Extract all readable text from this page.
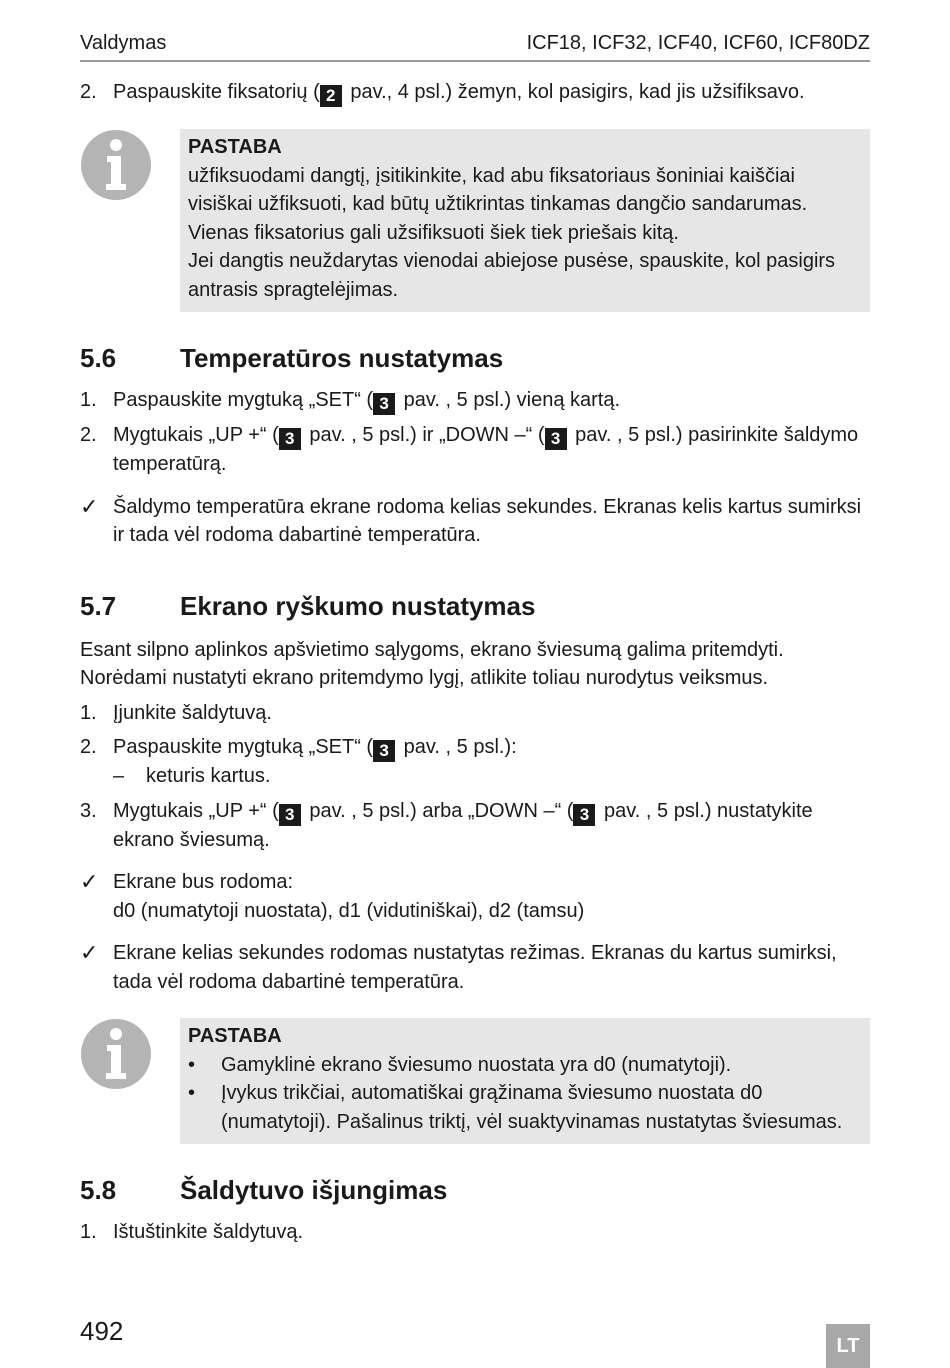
Valdymas	ICF18, ICF32, ICF40, ICF60, ICF80DZ
2. Paspauskite fiksatorių ( 2 pav., 4 psl.) žemyn, kol pasigirs, kad jis užsifiksavo.
PASTABA
užfiksuodami dangtį, įsitikinkite, kad abu fiksatoriaus šoniniai kaiščiai visiškai užfiksuoti, kad būtų užtikrintas tinkamas dangčio sandarumas. Vienas fiksatorius gali užsifiksuoti šiek tiek priešais kitą.
Jei dangtis neuždarytas vienodai abiejose pusėse, spauskite, kol pasigirs antrasis spragtelėjimas.
5.6	Temperatūros nustatymas
1. Paspauskite mygtuką „SET“ ( 3 pav. , 5 psl.) vieną kartą.
2. Mygtukais „UP +“ ( 3 pav. , 5 psl.) ir „DOWN –“ ( 3 pav. , 5 psl.) pasirinkite šaldymo temperatūrą.
✓ Šaldymo temperatūra ekrane rodoma kelias sekundes. Ekranas kelis kartus sumirksi ir tada vėl rodoma dabartinė temperatūra.
5.7	Ekrano ryškumo nustatymas
Esant silpno aplinkos apšvietimo sąlygoms, ekrano šviesumą galima pritemdyti. Norėdami nustatyti ekrano pritemdymo lygį, atlikite toliau nurodytus veiksmus.
1. Įjunkite šaldytuvą.
2. Paspauskite mygtuką „SET“ ( 3 pav. , 5 psl.):
–	keturis kartus.
3. Mygtukais „UP +“ ( 3 pav. , 5 psl.) arba „DOWN –“ ( 3 pav. , 5 psl.) nustatykite ekrano šviesumą.
✓ Ekrane bus rodoma:
d0 (numatytoji nuostata), d1 (vidutiniškai), d2 (tamsu)
✓ Ekrane kelias sekundes rodomas nustatytas režimas. Ekranas du kartus sumirksi, tada vėl rodoma dabartinė temperatūra.
PASTABA
•	Gamyklinė ekrano šviesumo nuostata yra d0 (numatytoji).
•	Įvykus trikčiai, automatiškai grąžinama šviesumo nuostata d0 (numatytoji). Pašalinus triktį, vėl suaktyvinamas nustatytas šviesumas.
5.8	Šaldytuvo išjungimas
1. Ištuštinkite šaldytuvą.
492	LT
